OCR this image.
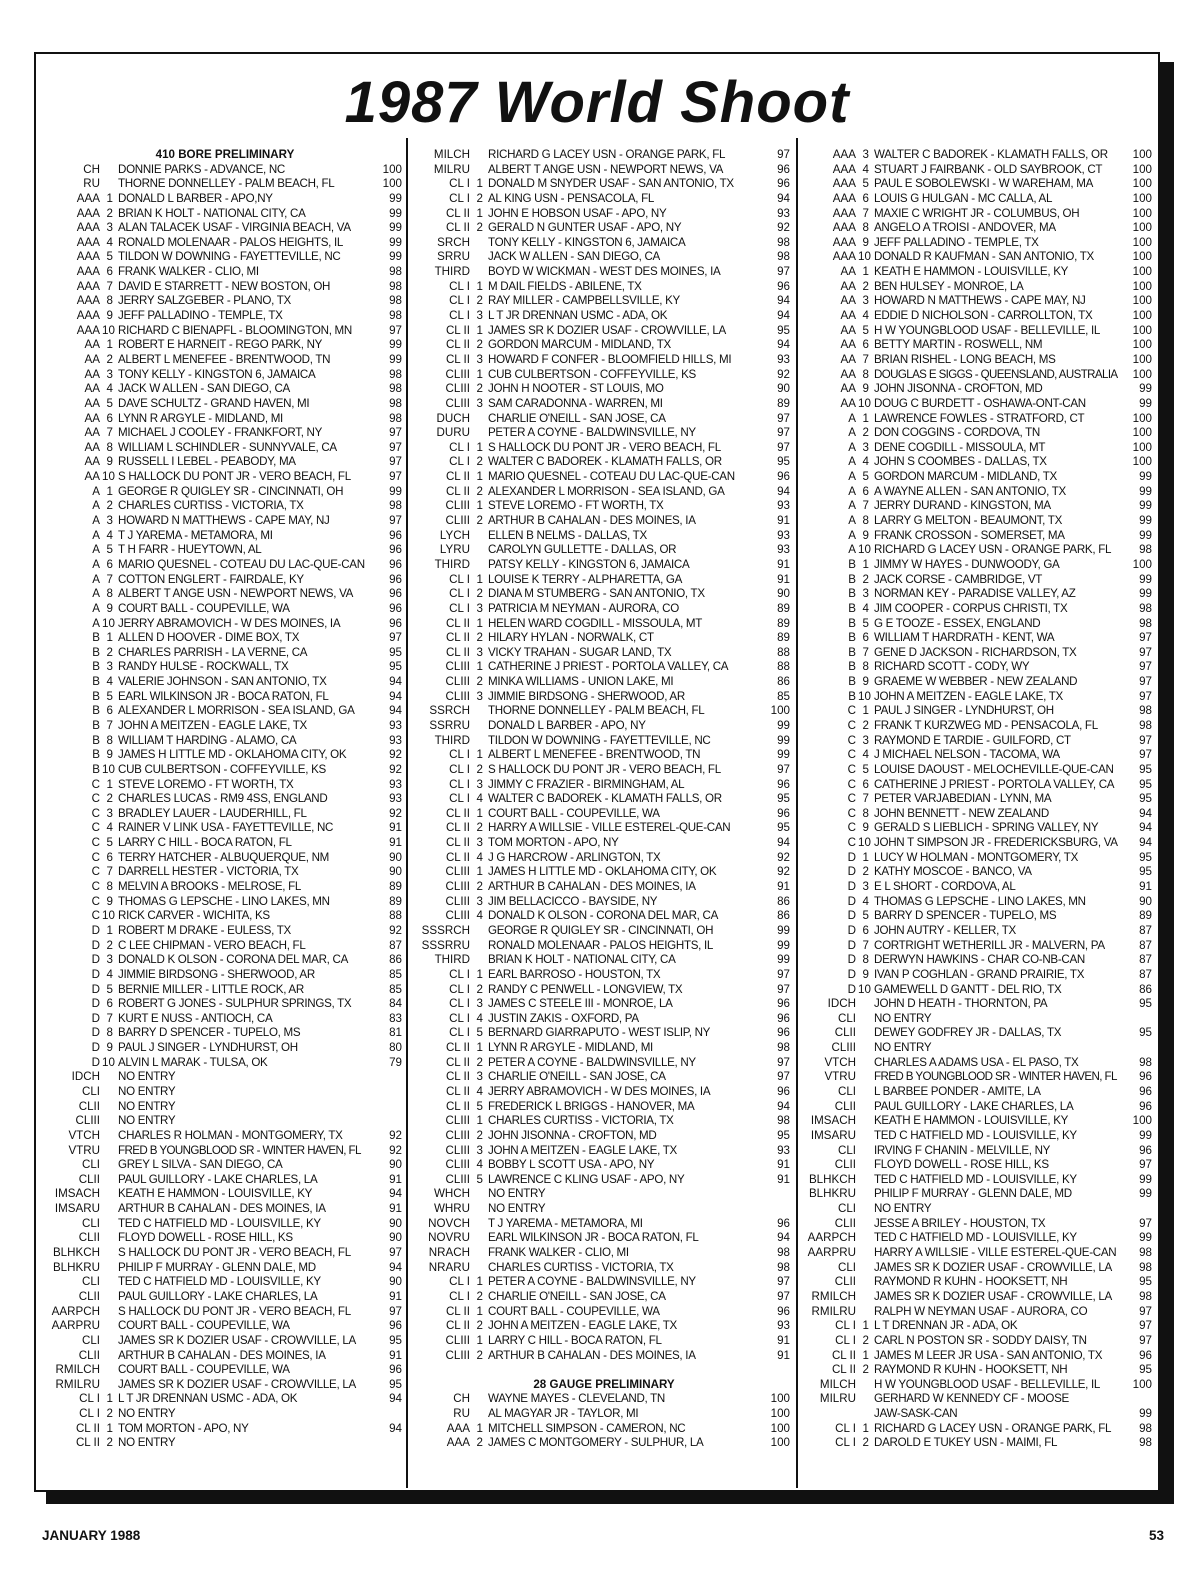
1987 World Shoot
410 BORE PRELIMINARY
CH DONNIE PARKS - ADVANCE, NC	100
RU THORNE DONNELLEY - PALM BEACH, FL	100
AAA 1 DONALD L BARBER - APO,NY	99
AAA 2 BRIAN K HOLT - NATIONAL CITY, CA	99
AAA 3 ALAN TALACEK USAF - VIRGINIA BEACH, VA	99
AAA 4 RONALD MOLENAAR - PALOS HEIGHTS, IL	99
AAA 5 TILDON W DOWNING - FAYETTEVILLE, NC	99
AAA 6 FRANK WALKER - CLIO, MI	98
AAA 7 DAVID E STARRETT - NEW BOSTON, OH	98
AAA 8 JERRY SALZGEBER - PLANO, TX	98
AAA 9 JEFF PALLADINO - TEMPLE, TX	98
AAA 10 RICHARD C BIENAPFL - BLOOMINGTON, MN	97
AA 1 ROBERT E HARNEIT - REGO PARK, NY	99
AA 2 ALBERT L MENEFEE - BRENTWOOD, TN	99
AA 3 TONY KELLY - KINGSTON 6, JAMAICA	98
AA 4 JACK W ALLEN - SAN DIEGO, CA	98
AA 5 DAVE SCHULTZ - GRAND HAVEN, MI	98
AA 6 LYNN R ARGYLE - MIDLAND, MI	98
AA 7 MICHAEL J COOLEY - FRANKFORT, NY	97
AA 8 WILLIAM L SCHINDLER - SUNNYVALE, CA	97
AA 9 RUSSELL I LEBEL - PEABODY, MA	97
AA 10 S HALLOCK DU PONT JR - VERO BEACH, FL	97
A 1 GEORGE R QUIGLEY SR - CINCINNATI, OH	99
A 2 CHARLES CURTISS - VICTORIA, TX	98
A 3 HOWARD N MATTHEWS - CAPE MAY, NJ	97
A 4 T J YAREMA - METAMORA, MI	96
A 5 T H FARR - HUEYTOWN, AL	96
A 6 MARIO QUESNEL - COTEAU DU LAC-QUE-CAN	96
A 7 COTTON ENGLERT - FAIRDALE, KY	96
A 8 ALBERT T ANGE USN - NEWPORT NEWS, VA	96
A 9 COURT BALL - COUPEVILLE, WA	96
A 10 JERRY ABRAMOVICH - W DES MOINES, IA	96
B 1 ALLEN D HOOVER - DIME BOX, TX	97
B 2 CHARLES PARRISH - LA VERNE, CA	95
B 3 RANDY HULSE - ROCKWALL, TX	95
B 4 VALERIE JOHNSON - SAN ANTONIO, TX	94
B 5 EARL WILKINSON JR - BOCA RATON, FL	94
B 6 ALEXANDER L MORRISON - SEA ISLAND, GA	94
B 7 JOHN A MEITZEN - EAGLE LAKE, TX	93
B 8 WILLIAM T HARDING - ALAMO, CA	93
B 9 JAMES H LITTLE MD - OKLAHOMA CITY, OK	92
B 10 CUB CULBERTSON - COFFEYVILLE, KS	92
C 1 STEVE LOREMO - FT WORTH, TX	93
C 2 CHARLES LUCAS - RM9 4SS, ENGLAND	93
C 3 BRADLEY LAUER - LAUDERHILL, FL	92
C 4 RAINER V LINK USA - FAYETTEVILLE, NC	91
C 5 LARRY C HILL - BOCA RATON, FL	91
C 6 TERRY HATCHER - ALBUQUERQUE, NM	90
C 7 DARRELL HESTER - VICTORIA, TX	90
C 8 MELVIN A BROOKS - MELROSE, FL	89
C 9 THOMAS G LEPSCHE - LINO LAKES, MN	89
C 10 RICK CARVER - WICHITA, KS	88
D 1 ROBERT M DRAKE - EULESS, TX	92
D 2 C LEE CHIPMAN - VERO BEACH, FL	87
D 3 DONALD K OLSON - CORONA DEL MAR, CA	86
D 4 JIMMIE BIRDSONG - SHERWOOD, AR	85
D 5 BERNIE MILLER - LITTLE ROCK, AR	85
D 6 ROBERT G JONES - SULPHUR SPRINGS, TX	84
D 7 KURT E NUSS - ANTIOCH, CA	83
D 8 BARRY D SPENCER - TUPELO, MS	81
D 9 PAUL J SINGER - LYNDHURST, OH	80
D 10 ALVIN L MARAK - TULSA, OK	79
IDCH NO ENTRY
CLI NO ENTRY
CLII NO ENTRY
CLIII NO ENTRY
VTCH CHARLES R HOLMAN - MONTGOMERY, TX	92
VTRU FRED B YOUNGBLOOD SR - WINTER HAVEN, FL	92
CLI GREY L SILVA - SAN DIEGO, CA	90
CLII PAUL GUILLORY - LAKE CHARLES, LA	91
IMSACH KEATH E HAMMON - LOUISVILLE, KY	94
IMSARU ARTHUR B CAHALAN - DES MOINES, IA	91
CLI TED C HATFIELD MD - LOUISVILLE, KY	90
CLII FLOYD DOWELL - ROSE HILL, KS	90
BLHKCH S HALLOCK DU PONT JR - VERO BEACH, FL	97
BLHKRU PHILIP F MURRAY - GLENN DALE, MD	94
CLI TED C HATFIELD MD - LOUISVILLE, KY	90
CLII PAUL GUILLORY - LAKE CHARLES, LA	91
AARPCH S HALLOCK DU PONT JR - VERO BEACH, FL	97
AARPRU COURT BALL - COUPEVILLE, WA	96
CLI JAMES SR K DOZIER USAF - CROWVILLE, LA	95
CLII ARTHUR B CAHALAN - DES MOINES, IA	91
RMILCH COURT BALL - COUPEVILLE, WA	96
RMILRU JAMES SR K DOZIER USAF - CROWVILLE, LA	95
CL I 1 L T JR DRENNAN USMC - ADA, OK	94
CL I 2 NO ENTRY
CL II 1 TOM MORTON - APO, NY	94
CL II 2 NO ENTRY
MILCH RICHARD G LACEY USN - ORANGE PARK, FL	97
MILRU ALBERT T ANGE USN - NEWPORT NEWS, VA	96
CL I 1 DONALD M SNYDER USAF - SAN ANTONIO, TX	96
CL I 2 AL KING USN - PENSACOLA, FL	94
CL II 1 JOHN E HOBSON USAF - APO, NY	93
CL II 2 GERALD N GUNTER USAF - APO, NY	92
SRCH TONY KELLY - KINGSTON 6, JAMAICA	98
SRRU JACK W ALLEN - SAN DIEGO, CA	98
THIRD BOYD W WICKMAN - WEST DES MOINES, IA	97
CL I 1 M DAIL FIELDS - ABILENE, TX	96
CL I 2 RAY MILLER - CAMPBELLSVILLE, KY	94
CL I 3 L T JR DRENNAN USMC - ADA, OK	94
CL II 1 JAMES SR K DOZIER USAF - CROWVILLE, LA	95
CL II 2 GORDON MARCUM - MIDLAND, TX	94
CL II 3 HOWARD F CONFER - BLOOMFIELD HILLS, MI	93
CLIII 1 CUB CULBERTSON - COFFEYVILLE, KS	92
CLIII 2 JOHN H NOOTER - ST LOUIS, MO	90
CLIII 3 SAM CARADONNA - WARREN, MI	89
DUCH CHARLIE O'NEILL - SAN JOSE, CA	97
DURU PETER A COYNE - BALDWINSVILLE, NY	97
CL I 1 S HALLOCK DU PONT JR - VERO BEACH, FL	97
CL I 2 WALTER C BADOREK - KLAMATH FALLS, OR	95
CL II 1 MARIO QUESNEL - COTEAU DU LAC-QUE-CAN	96
CL II 2 ALEXANDER L MORRISON - SEA ISLAND, GA	94
CLIII 1 STEVE LOREMO - FT WORTH, TX	93
CLIII 2 ARTHUR B CAHALAN - DES MOINES, IA	91
LYCH ELLEN B NELMS - DALLAS, TX	93
LYRU CAROLYN GULLETTE - DALLAS, OR	93
THIRD PATSY KELLY - KINGSTON 6, JAMAICA	91
CL I 1 LOUISE K TERRY - ALPHARETTA, GA	91
CL I 2 DIANA M STUMBERG - SAN ANTONIO, TX	90
CL I 3 PATRICIA M NEYMAN - AURORA, CO	89
CL II 1 HELEN WARD COGDILL - MISSOULA, MT	89
CL II 2 HILARY HYLAN - NORWALK, CT	89
CL II 3 VICKY TRAHAN - SUGAR LAND, TX	88
CLIII 1 CATHERINE J PRIEST - PORTOLA VALLEY, CA	88
CLIII 2 MINKA WILLIAMS - UNION LAKE, MI	86
CLIII 3 JIMMIE BIRDSONG - SHERWOOD, AR	85
SSRCH THORNE DONNELLEY - PALM BEACH, FL	100
SSRRU DONALD L BARBER - APO, NY	99
THIRD TILDON W DOWNING - FAYETTEVILLE, NC	99
CL I 1 ALBERT L MENEFEE - BRENTWOOD, TN	99
CL I 2 S HALLOCK DU PONT JR - VERO BEACH, FL	97
CL I 3 JIMMY C FRAZIER - BIRMINGHAM, AL	96
CL I 4 WALTER C BADOREK - KLAMATH FALLS, OR	95
CL II 1 COURT BALL - COUPEVILLE, WA	96
CL II 2 HARRY A WILLSIE - VILLE ESTEREL-QUE-CAN	95
CL II 3 TOM MORTON - APO, NY	94
CL II 4 J G HARCROW - ARLINGTON, TX	92
CLIII 1 JAMES H LITTLE MD - OKLAHOMA CITY, OK	92
CLIII 2 ARTHUR B CAHALAN - DES MOINES, IA	91
CLIII 3 JIM BELLACICCO - BAYSIDE, NY	86
CLIII 4 DONALD K OLSON - CORONA DEL MAR, CA	86
SSSRCH GEORGE R QUIGLEY SR - CINCINNATI, OH	99
SSSRRU RONALD MOLENAAR - PALOS HEIGHTS, IL	99
THIRD BRIAN K HOLT - NATIONAL CITY, CA	99
CL I 1 EARL BARROSO - HOUSTON, TX	97
CL I 2 RANDY C PENWELL - LONGVIEW, TX	97
CL I 3 JAMES C STEELE III - MONROE, LA	96
CL I 4 JUSTIN ZAKIS - OXFORD, PA	96
CL I 5 BERNARD GIARRAPUTO - WEST ISLIP, NY	96
CL II 1 LYNN R ARGYLE - MIDLAND, MI	98
CL II 2 PETER A COYNE - BALDWINSVILLE, NY	97
CL II 3 CHARLIE O'NEILL - SAN JOSE, CA	97
CL II 4 JERRY ABRAMOVICH - W DES MOINES, IA	96
CL II 5 FREDERICK L BRIGGS - HANOVER, MA	94
CLIII 1 CHARLES CURTISS - VICTORIA, TX	98
CLIII 2 JOHN JISONNA - CROFTON, MD	95
CLIII 3 JOHN A MEITZEN - EAGLE LAKE, TX	93
CLIII 4 BOBBY L SCOTT USA - APO, NY	91
CLIII 5 LAWRENCE C KLING USAF - APO, NY	91
WHCH NO ENTRY
WHRU NO ENTRY
NOVCH T J YAREMA - METAMORA, MI	96
NOVRU EARL WILKINSON JR - BOCA RATON, FL	94
NRACH FRANK WALKER - CLIO, MI	98
NRARU CHARLES CURTISS - VICTORIA, TX	98
CL I 1 PETER A COYNE - BALDWINSVILLE, NY	97
CL I 2 CHARLIE O'NEILL - SAN JOSE, CA	97
CL II 1 COURT BALL - COUPEVILLE, WA	96
CL II 2 JOHN A MEITZEN - EAGLE LAKE, TX	93
CLIII 1 LARRY C HILL - BOCA RATON, FL	91
CLIII 2 ARTHUR B CAHALAN - DES MOINES, IA	91
28 GAUGE PRELIMINARY
CH WAYNE MAYES - CLEVELAND, TN	100
RU AL MAGYAR JR - TAYLOR, MI	100
AAA 1 MITCHELL SIMPSON - CAMERON, NC	100
AAA 2 JAMES C MONTGOMERY - SULPHUR, LA	100
AAA 3 WALTER C BADOREK - KLAMATH FALLS, OR	100
AAA 4 STUART J FAIRBANK - OLD SAYBROOK, CT	100
AAA 5 PAUL E SOBOLEWSKI - W WAREHAM, MA	100
AAA 6 LOUIS G HULGAN - MC CALLA, AL	100
AAA 7 MAXIE C WRIGHT JR - COLUMBUS, OH	100
AAA 8 ANGELO A TROISI - ANDOVER, MA	100
AAA 9 JEFF PALLADINO - TEMPLE, TX	100
AAA 10 DONALD R KAUFMAN - SAN ANTONIO, TX	100
AA 1 KEATH E HAMMON - LOUISVILLE, KY	100
AA 2 BEN HULSEY - MONROE, LA	100
AA 3 HOWARD N MATTHEWS - CAPE MAY, NJ	100
AA 4 EDDIE D NICHOLSON - CARROLLTON, TX	100
AA 5 H W YOUNGBLOOD USAF - BELLEVILLE, IL	100
AA 6 BETTY MARTIN - ROSWELL, NM	100
AA 7 BRIAN RISHEL - LONG BEACH, MS	100
AA 8 DOUGLAS E SIGGS - QUEENSLAND, AUSTRALIA	100
AA 9 JOHN JISONNA - CROFTON, MD	99
AA 10 DOUG C BURDETT - OSHAWA-ONT-CAN	99
A 1 LAWRENCE FOWLES - STRATFORD, CT	100
A 2 DON COGGINS - CORDOVA, TN	100
A 3 DENE COGDILL - MISSOULA, MT	100
A 4 JOHN S COOMBES - DALLAS, TX	100
A 5 GORDON MARCUM - MIDLAND, TX	99
A 6 A WAYNE ALLEN - SAN ANTONIO, TX	99
A 7 JERRY DURAND - KINGSTON, MA	99
A 8 LARRY G MELTON - BEAUMONT, TX	99
A 9 FRANK CROSSON - SOMERSET, MA	99
A 10 RICHARD G LACEY USN - ORANGE PARK, FL	98
B 1 JIMMY W HAYES - DUNWOODY, GA	100
B 2 JACK CORSE - CAMBRIDGE, VT	99
B 3 NORMAN KEY - PARADISE VALLEY, AZ	99
B 4 JIM COOPER - CORPUS CHRISTI, TX	98
B 5 G E TOOZE - ESSEX, ENGLAND	98
B 6 WILLIAM T HARDRATH - KENT, WA	97
B 7 GENE D JACKSON - RICHARDSON, TX	97
B 8 RICHARD SCOTT - CODY, WY	97
B 9 GRAEME W WEBBER - NEW ZEALAND	97
B 10 JOHN A MEITZEN - EAGLE LAKE, TX	97
C 1 PAUL J SINGER - LYNDHURST, OH	98
C 2 FRANK T KURZWEG MD - PENSACOLA, FL	98
C 3 RAYMOND E TARDIE - GUILFORD, CT	97
C 4 J MICHAEL NELSON - TACOMA, WA	97
C 5 LOUISE DAOUST - MELOCHEVILLE-QUE-CAN	95
C 6 CATHERINE J PRIEST - PORTOLA VALLEY, CA	95
C 7 PETER VARJABEDIAN - LYNN, MA	95
C 8 JOHN BENNETT - NEW ZEALAND	94
C 9 GERALD S LIEBLICH - SPRING VALLEY, NY	94
C 10 JOHN T SIMPSON JR - FREDERICKSBURG, VA	94
D 1 LUCY W HOLMAN - MONTGOMERY, TX	95
D 2 KATHY MOSCOE - BANCO, VA	95
D 3 E L SHORT - CORDOVA, AL	91
D 4 THOMAS G LEPSCHE - LINO LAKES, MN	90
D 5 BARRY D SPENCER - TUPELO, MS	89
D 6 JOHN AUTRY - KELLER, TX	87
D 7 CORTRIGHT WETHERILL JR - MALVERN, PA	87
D 8 DERWYN HAWKINS - CHAR CO-NB-CAN	87
D 9 IVAN P COGHLAN - GRAND PRAIRIE, TX	87
D 10 GAMEWELL D GANTT - DEL RIO, TX	86
IDCH JOHN D HEATH - THORNTON, PA	95
CLI NO ENTRY
CLII DEWEY GODFREY JR - DALLAS, TX	95
CLIII NO ENTRY
VTCH CHARLES A ADAMS USA - EL PASO, TX	98
VTRU FRED B YOUNGBLOOD SR - WINTER HAVEN, FL	96
CLI L BARBEE PONDER - AMITE, LA	96
CLII PAUL GUILLORY - LAKE CHARLES, LA	96
IMSACH KEATH E HAMMON - LOUISVILLE, KY	100
IMSARU TED C HATFIELD MD - LOUISVILLE, KY	99
CLI IRVING F CHANIN - MELVILLE, NY	96
CLII FLOYD DOWELL - ROSE HILL, KS	97
BLHKCH TED C HATFIELD MD - LOUISVILLE, KY	99
BLHKRU PHILIP F MURRAY - GLENN DALE, MD	99
CLI NO ENTRY
CLII JESSE A BRILEY - HOUSTON, TX	97
AARPCH TED C HATFIELD MD - LOUISVILLE, KY	99
AARPRU HARRY A WILLSIE - VILLE ESTEREL-QUE-CAN	98
CLI JAMES SR K DOZIER USAF - CROWVILLE, LA	98
CLII RAYMOND R KUHN - HOOKSETT, NH	95
RMILCH JAMES SR K DOZIER USAF - CROWVILLE, LA	98
RMILRU RALPH W NEYMAN USAF - AURORA, CO	97
CL I 1 L T DRENNAN JR - ADA, OK	97
CL I 2 CARL N POSTON SR - SODDY DAISY, TN	97
CL II 1 JAMES M LEER JR USA - SAN ANTONIO, TX	96
CL II 2 RAYMOND R KUHN - HOOKSETT, NH	95
MILCH H W YOUNGBLOOD USAF - BELLEVILLE, IL	100
MILRU GERHARD W KENNEDY CF - MOOSE
JAW-SASK-CAN	99
CL I 1 RICHARD G LACEY USN - ORANGE PARK, FL	98
CL I 2 DAROLD E TUKEY USN - MAIMI, FL	98
JANUARY 1988	53
